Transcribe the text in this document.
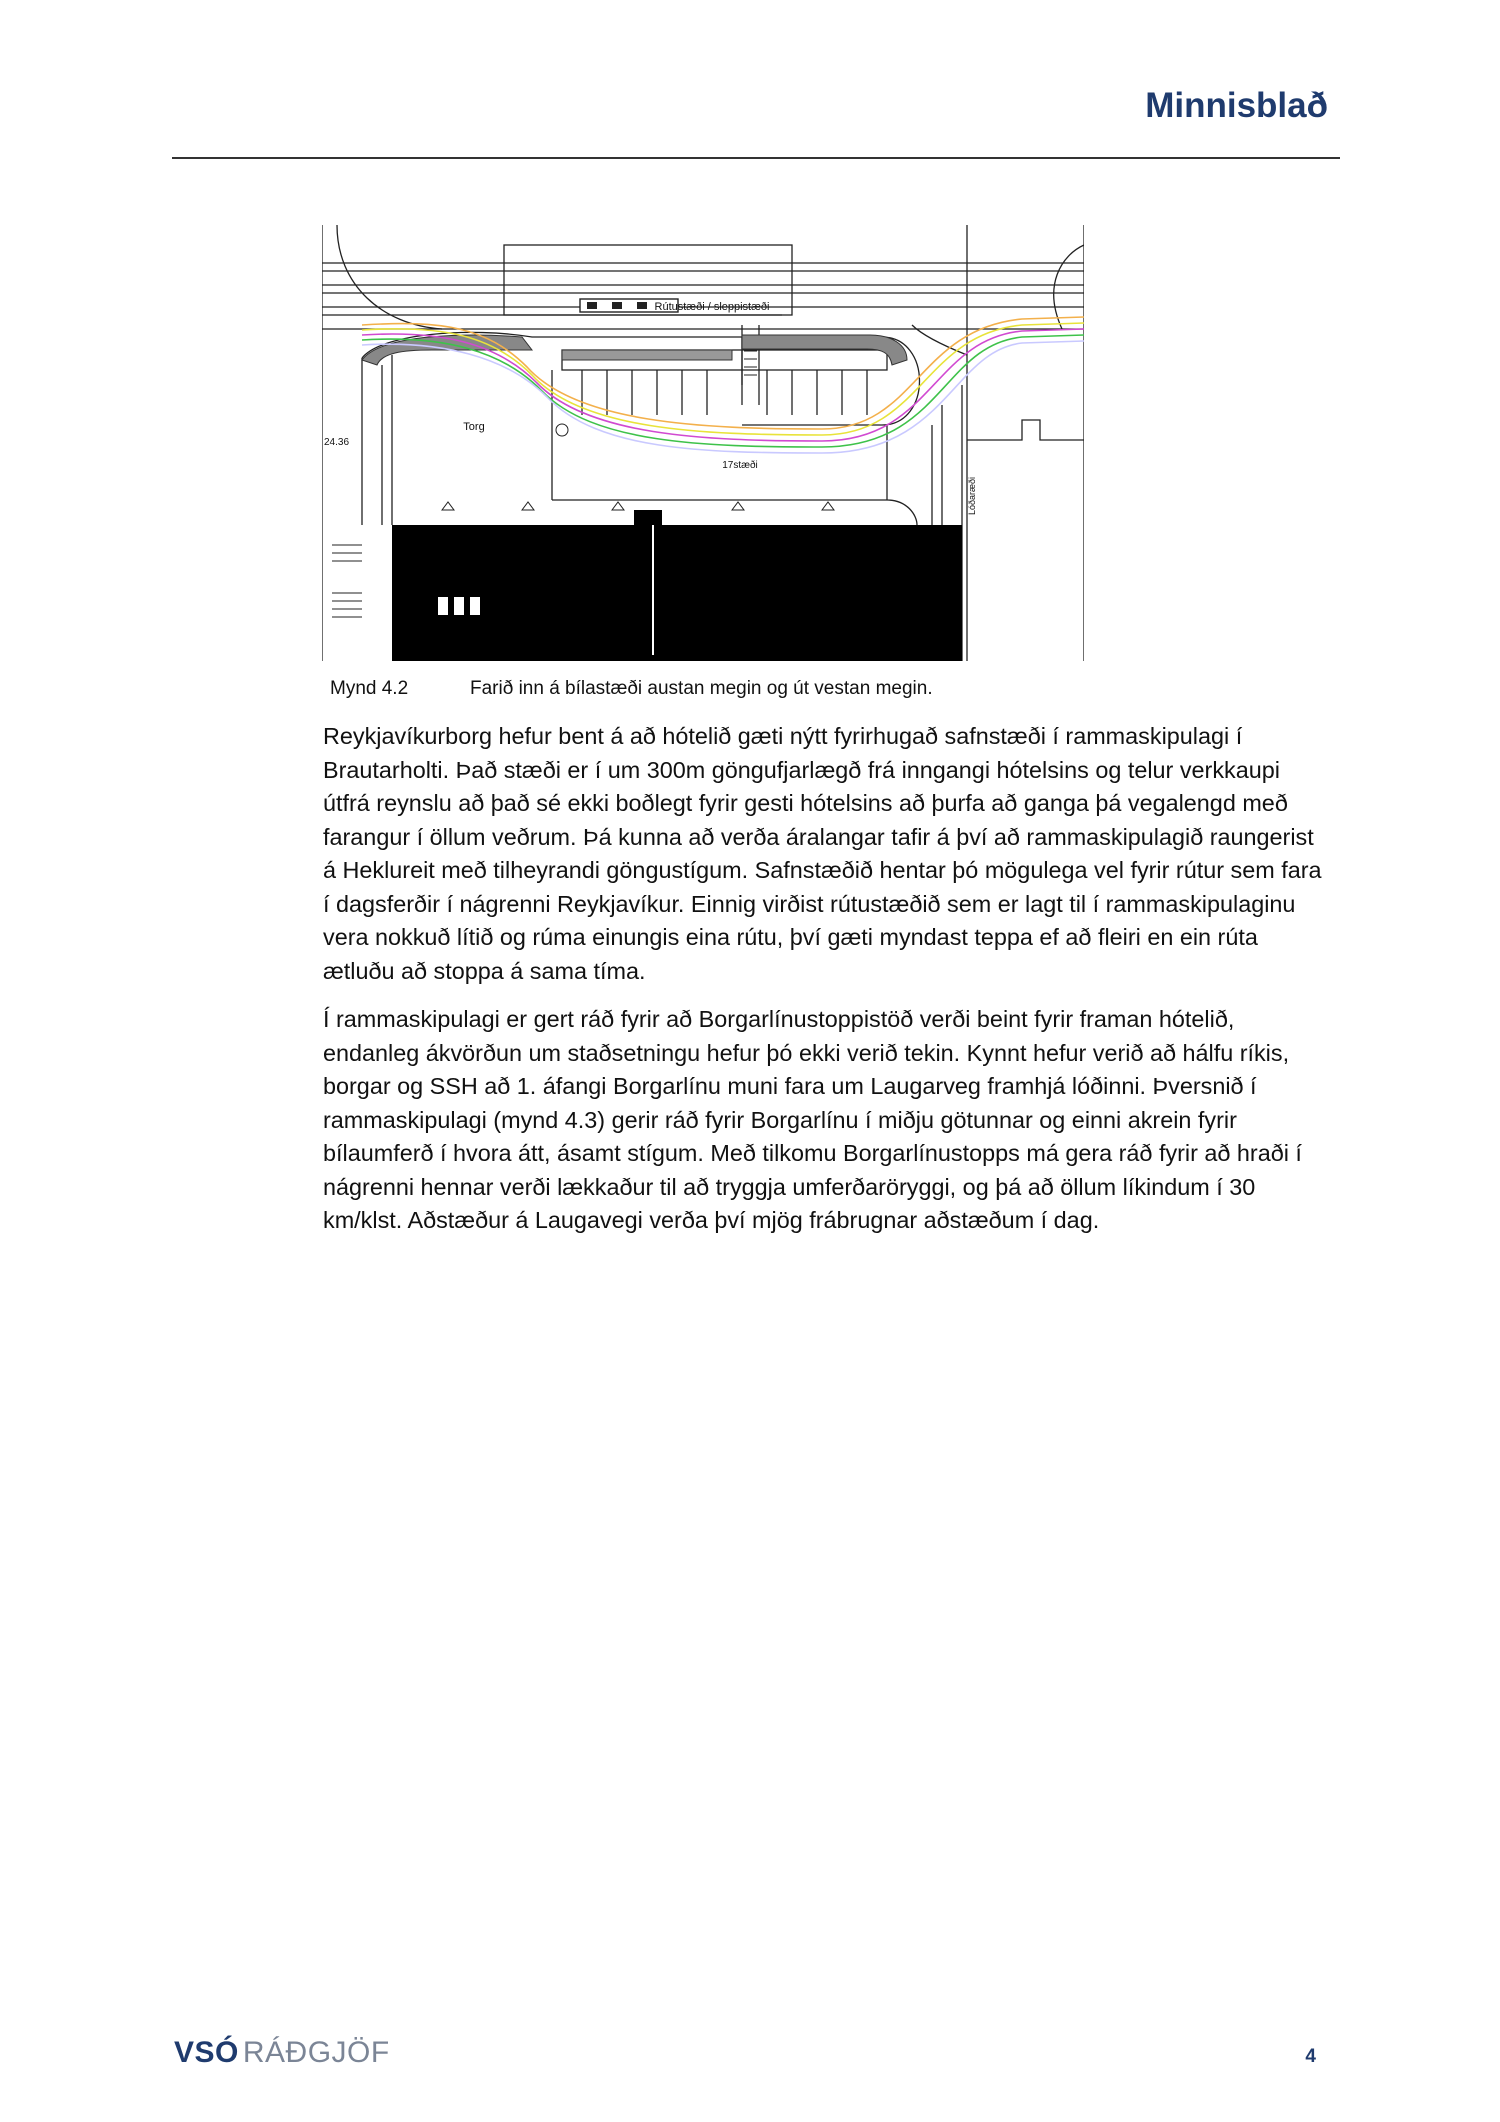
Minnisblað
Rútustæði / sleppistæði
Torg
17stæði
24.36
Lóðaræði
Mynd 4.2	Farið inn á bílastæði austan megin og út vestan megin.

Reykjavíkurborg hefur bent á að hótelið gæti nýtt fyrirhugað safnstæði í rammaskipulagi í Brautarholti. Það stæði er í um 300m göngufjarlægð frá inngangi hótelsins og telur verkkaupi útfrá reynslu að það sé ekki boðlegt fyrir gesti hótelsins að þurfa að ganga þá vegalengd með farangur í öllum veðrum. Þá kunna að verða áralangar tafir á því að rammaskipulagið raungerist á Heklureit með tilheyrandi göngustígum. Safnstæðið hentar þó mögulega vel fyrir rútur sem fara í dagsferðir í nágrenni Reykjavíkur. Einnig virðist rútustæðið sem er lagt til í rammaskipulaginu vera nokkuð lítið og rúma einungis eina rútu, því gæti myndast teppa ef að fleiri en ein rúta ætluðu að stoppa á sama tíma.

Í rammaskipulagi er gert ráð fyrir að Borgarlínustoppistöð verði beint fyrir framan hótelið, endanleg ákvörðun um staðsetningu hefur þó ekki verið tekin. Kynnt hefur verið að hálfu ríkis, borgar og SSH að 1. áfangi Borgarlínu muni fara um Laugarveg framhjá lóðinni. Þversnið í rammaskipulagi (mynd 4.3) gerir ráð fyrir Borgarlínu í miðju götunnar og einni akrein fyrir bílaumferð í hvora átt, ásamt stígum. Með tilkomu Borgarlínustopps má gera ráð fyrir að hraði í nágrenni hennar verði lækkaður til að tryggja umferðaröryggi, og þá að öllum líkindum í 30 km/klst. Aðstæður á Laugavegi verða því mjög frábrugnar aðstæðum í dag.

VSÓ RÁÐGJÖF	4
